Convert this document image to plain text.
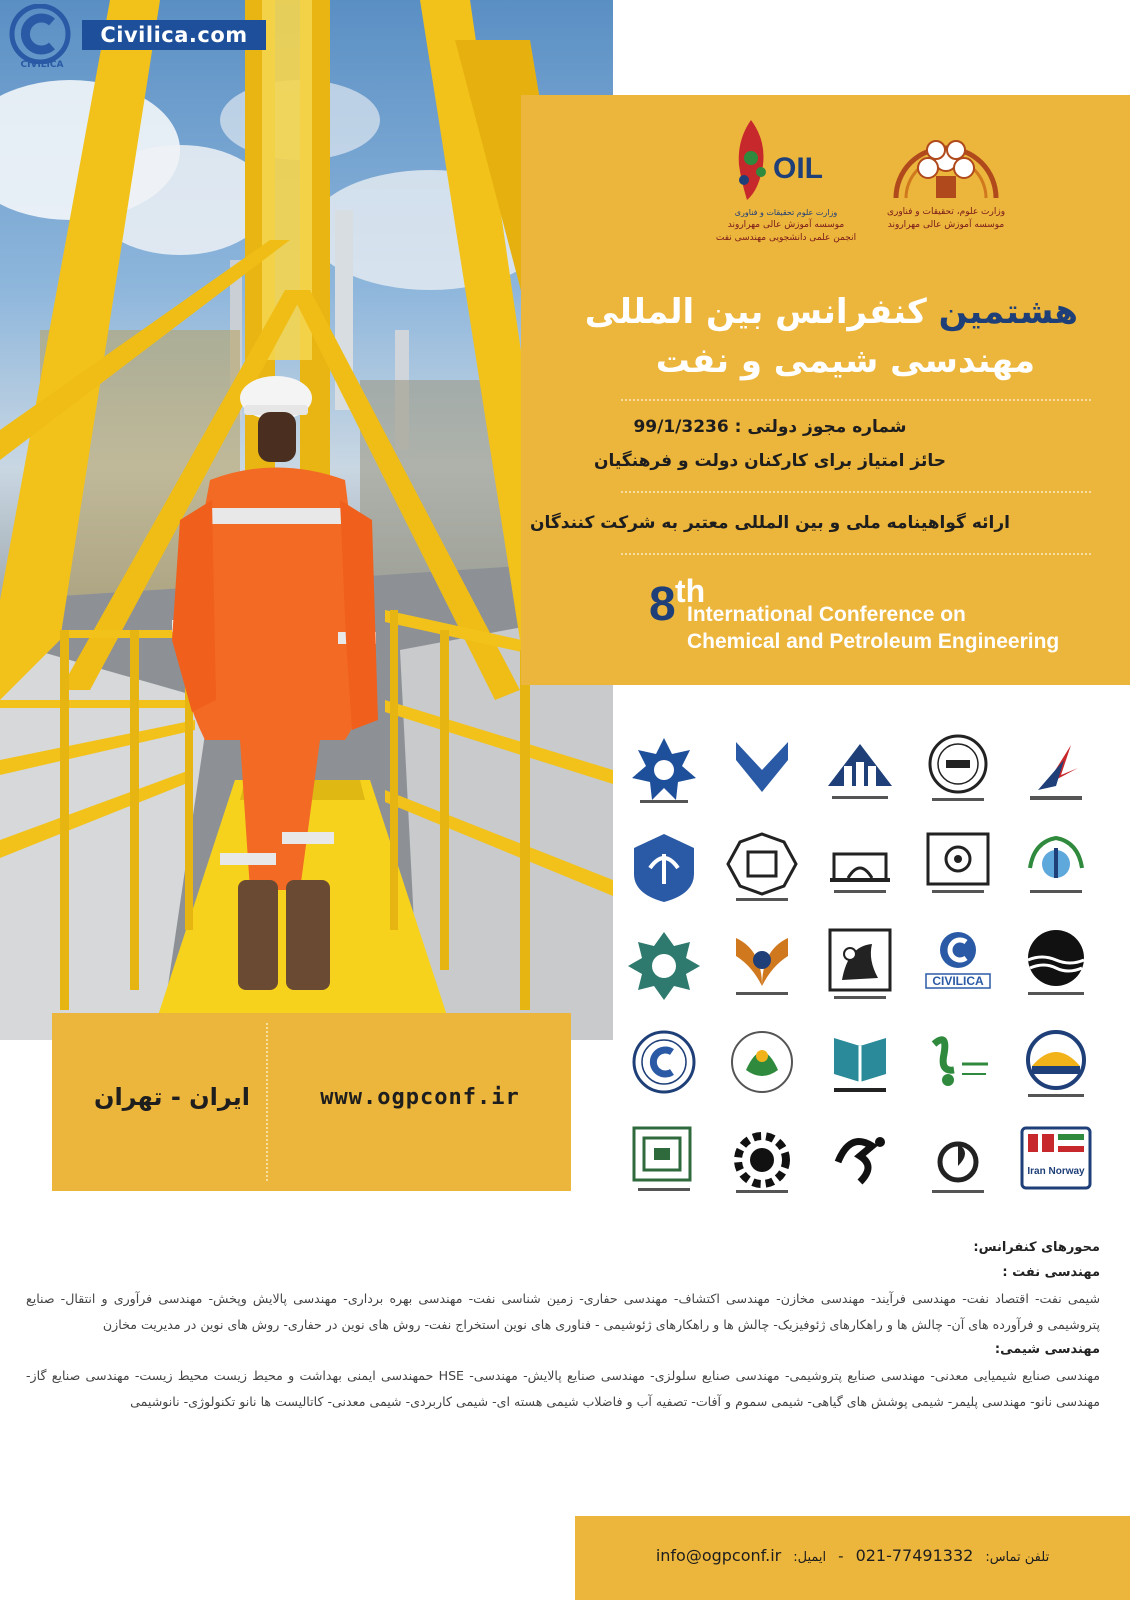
CIVILICA
Civilica.com
OIL
وزارت علوم تحقیقات و فناوری
موسسه آموزش عالی مهراروند
انجمن علمی دانشجویی مهندسی نفت
وزارت علوم، تحقیقات و فناوری
موسسه آموزش عالی مهراروند
هشتمین کنفرانس بین المللی
مهندسی شیمی و نفت
شماره مجوز دولتی : 99/1/3236
حائز امتیاز برای کارکنان دولت و فرهنگیان
ارائه گواهینامه ملی و بین المللی معتبر به شرکت کنندگان
8 th
International Conference on
Chemical and Petroleum Engineering
CIVILICA
Iran Norway
ایران - تهران	www.ogpconf.ir
محورهای کنفرانس:
مهندسی نفت :

شیمی نفت- اقتصاد نفت- مهندسی فرآیند- مهندسی مخازن- مهندسی اکتشاف- مهندسی حفاری- زمین شناسی نفت- مهندسی بهره برداری- مهندسی پالایش وپخش- مهندسی فرآوری و انتقال- صنایع پتروشیمی و فرآورده های آن- چالش ها و راهکارهای ژئوفیزیک- چالش ها و راهکارهای ژئوشیمی - فناوری های نوین استخراج نفت- روش های نوین در حفاری- روش های نوین در مدیریت مخازن

مهندسی شیمی:

مهندسی صنایع شیمیایی معدنی- مهندسی صنایع پتروشیمی- مهندسی صنایع سلولزی- مهندسی صنایع پالایش- مهندسی- HSE حمهندسی ایمنی بهداشت و محیط زیست محیط زیست- مهندسی صنایع گاز- مهندسی نانو- مهندسی پلیمر- شیمی پوشش های گیاهی- شیمی سموم و آفات- تصفیه آب و فاضلاب شیمی هسته ای- شیمی کاربردی- شیمی معدنی- کاتالیست ها نانو تکنولوژی- نانوشیمی

info@ogpconf.ir ایمیل: - 021-77491332 تلفن تماس:
